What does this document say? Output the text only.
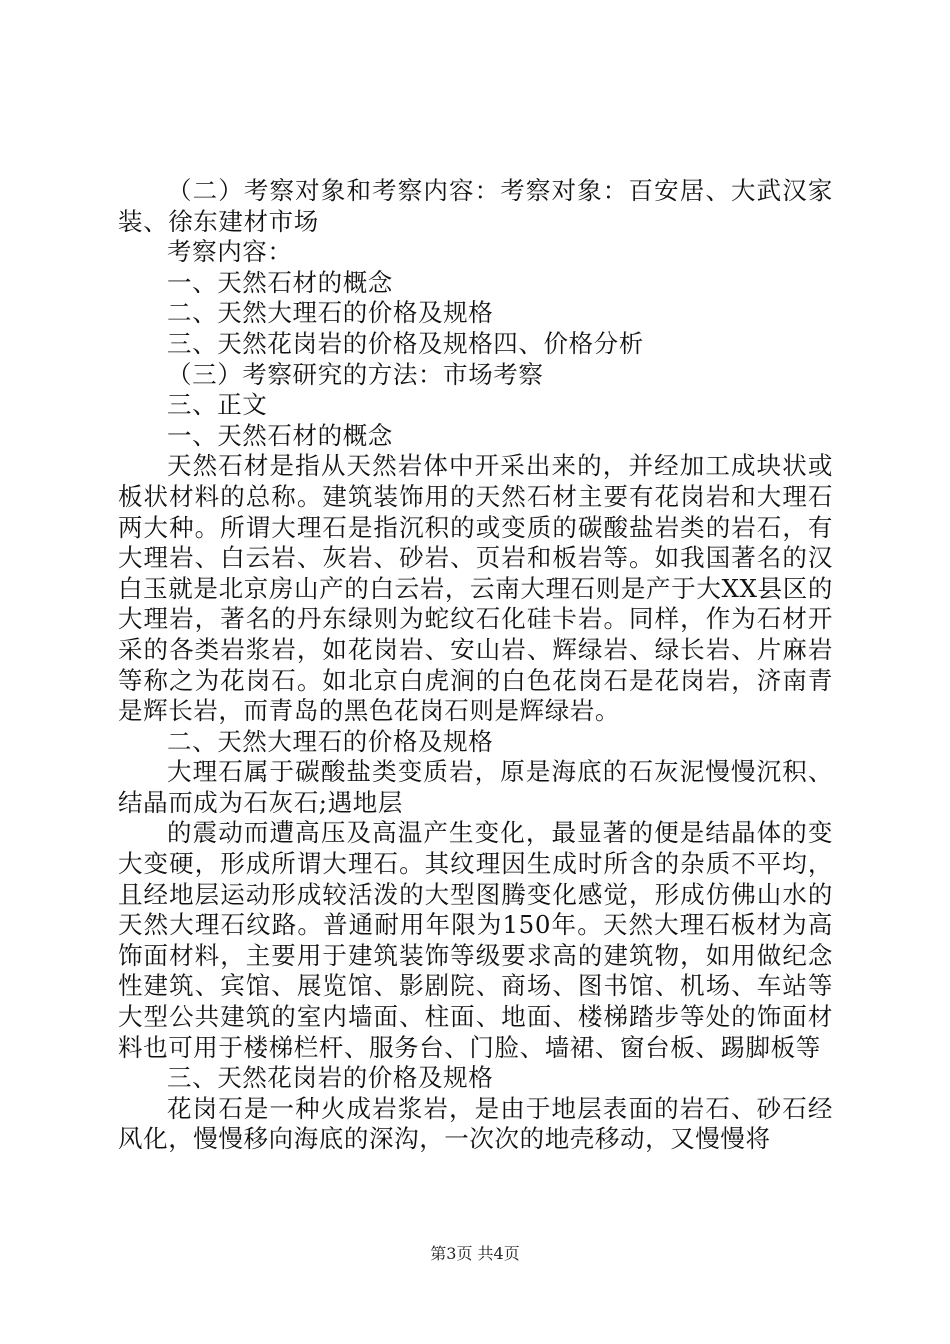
（二）考察对象和考察内容：考察对象：百安居、大武汉家装、徐东建材市场

考察内容：

一、天然石材的概念

二、天然大理石的价格及规格

三、天然花岗岩的价格及规格四、价格分析

（三）考察研究的方法：市场考察

三、正文

一、天然石材的概念

天然石材是指从天然岩体中开采出来的，并经加工成块状或板状材料的总称。建筑装饰用的天然石材主要有花岗岩和大理石两大种。所谓大理石是指沉积的或变质的碳酸盐岩类的岩石，有大理岩、白云岩、灰岩、砂岩、页岩和板岩等。如我国著名的汉白玉就是北京房山产的白云岩，云南大理石则是产于大XX县区的大理岩，著名的丹东绿则为蛇纹石化硅卡岩。同样，作为石材开采的各类岩浆岩，如花岗岩、安山岩、辉绿岩、绿长岩、片麻岩等称之为花岗石。如北京白虎涧的白色花岗石是花岗岩，济南青是辉长岩，而青岛的黑色花岗石则是辉绿岩。

二、天然大理石的价格及规格

大理石属于碳酸盐类变质岩，原是海底的石灰泥慢慢沉积、结晶而成为石灰石;遇地层

的震动而遭高压及高温产生变化，最显著的便是结晶体的变大变硬，形成所谓大理石。其纹理因生成时所含的杂质不平均，且经地层运动形成较活泼的大型图腾变化感觉，形成仿佛山水的天然大理石纹路。普通耐用年限为150年。天然大理石板材为高饰面材料，主要用于建筑装饰等级要求高的建筑物，如用做纪念性建筑、宾馆、展览馆、影剧院、商场、图书馆、机场、车站等大型公共建筑的室内墙面、柱面、地面、楼梯踏步等处的饰面材料也可用于楼梯栏杆、服务台、门脸、墙裙、窗台板、踢脚板等

三、天然花岗岩的价格及规格

花岗石是一种火成岩浆岩，是由于地层表面的岩石、砂石经风化，慢慢移向海底的深沟，一次次的地壳移动，又慢慢将

第3页 共4页
